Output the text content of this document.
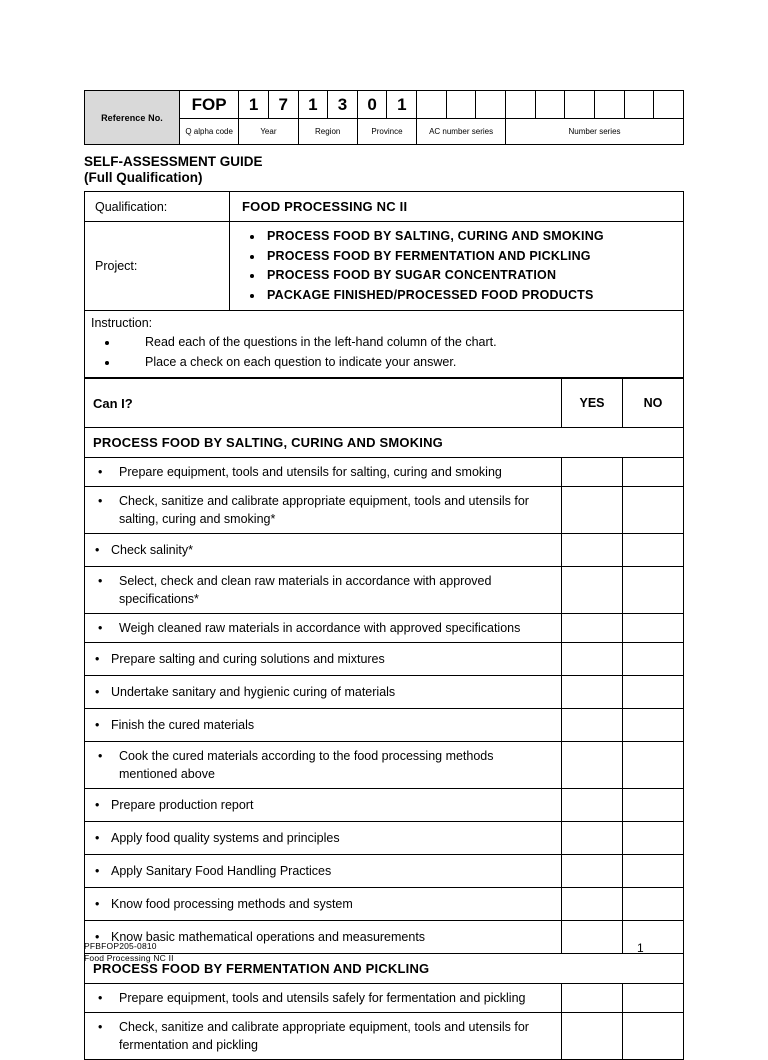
Reference No.	FOP	1	7	1	3	0	1									
	Q alpha code	Year		Region		Province		AC number series			Number series					
SELF-ASSESSMENT GUIDE
(Full Qualification)
Qualification:	FOOD PROCESSING NC II
Project:	
• PROCESS FOOD BY SALTING, CURING AND SMOKING
• PROCESS FOOD BY FERMENTATION AND PICKLING
• PROCESS FOOD BY SUGAR CONCENTRATION
• PACKAGE FINISHED/PROCESSED FOOD PRODUCTS

Instruction:
• Read each of the questions in the left-hand column of the chart.
• Place a check on each question to indicate your answer.
Can I?	YES	NO
PROCESS FOOD BY SALTING, CURING AND SMOKING		

• Prepare equipment, tools and utensils for salting, curing and smoking		

• Check, sanitize and calibrate appropriate equipment, tools and utensils for salting, curing and smoking*		

• Check salinity*		

• Select, check and clean raw materials in accordance with approved specifications*		

• Weigh cleaned raw materials in accordance with approved specifications		

• Prepare salting and curing solutions and mixtures		

• Undertake sanitary and hygienic curing of materials		

• Finish the cured materials		

• Cook the cured materials according to the food processing methods mentioned above		

• Prepare production report		

• Apply food quality systems and principles		

• Apply Sanitary Food Handling Practices		

• Know food processing methods and system		

• Know basic mathematical operations and measurements		

PROCESS FOOD BY FERMENTATION AND PICKLING		

• Prepare equipment, tools and utensils safely for fermentation and pickling		

• Check, sanitize and calibrate appropriate equipment, tools and utensils for fermentation and pickling		

PFBFOP205-0810
Food Processing NC II
1
